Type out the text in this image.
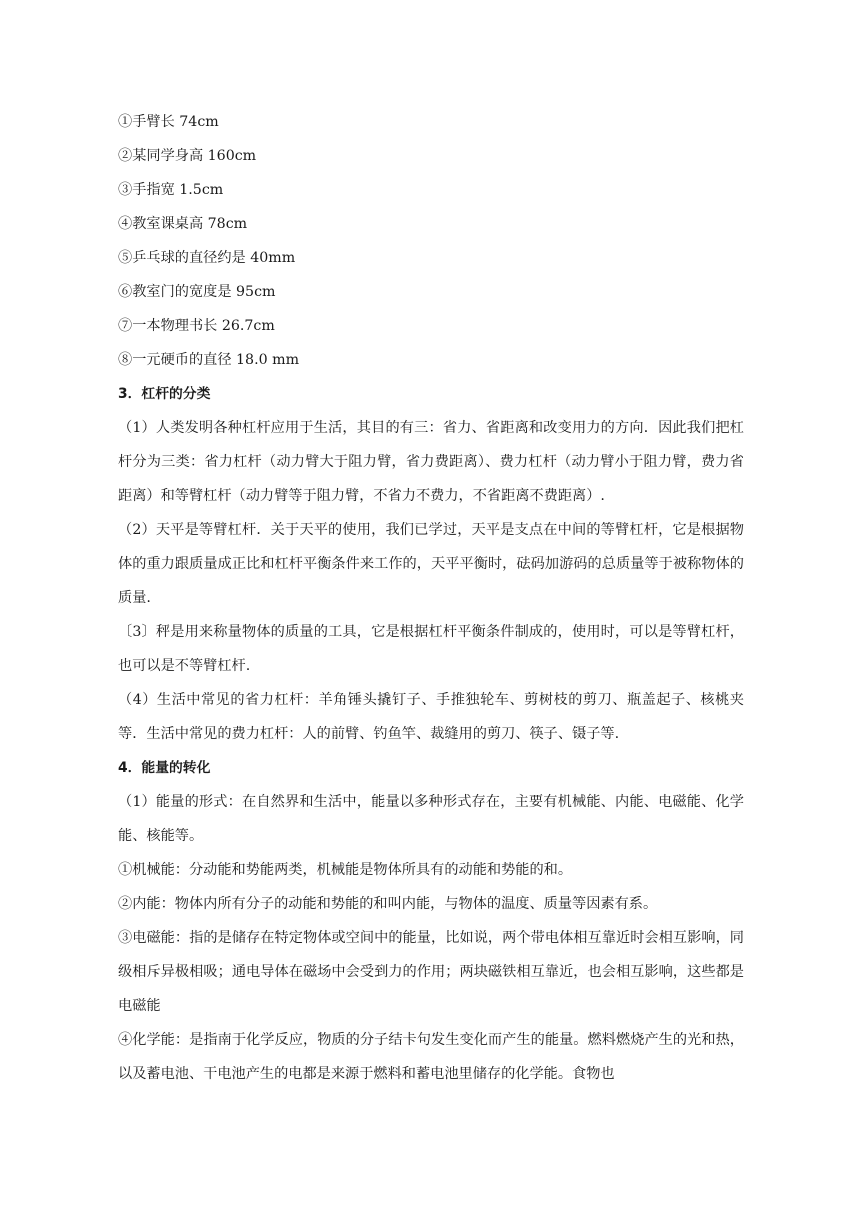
①手臂长 74cm

②某同学身高 160cm

③手指宽 1.5cm

④教室课桌高 78cm

⑤乒乓球的直径约是 40mm

⑥教室门的宽度是 95cm

⑦一本物理书长 26.7cm

⑧一元硬币的直径 18.0 mm

3．杠杆的分类

（1）人类发明各种杠杆应用于生活，其目的有三：省力、省距离和改变用力的方向．因此我们把杠杆分为三类：省力杠杆（动力臂大于阻力臂，省力费距离）、费力杠杆（动力臂小于阻力臂，费力省距离）和等臂杠杆（动力臂等于阻力臂，不省力不费力，不省距离不费距离）.

（2）天平是等臂杠杆．关于天平的使用，我们已学过，天平是支点在中间的等臂杠杆，它是根据物体的重力跟质量成正比和杠杆平衡条件来工作的，天平平衡时，砝码加游码的总质量等于被称物体的质量.

〔3〕秤是用来称量物体的质量的工具，它是根据杠杆平衡条件制成的，使用时，可以是等臂杠杆，也可以是不等臂杠杆.

（4）生活中常见的省力杠杆：羊角锤头撬钉子、手推独轮车、剪树枝的剪刀、瓶盖起子、核桃夹等．生活中常见的费力杠杆：人的前臂、钓鱼竿、裁缝用的剪刀、筷子、镊子等.

4．能量的转化

（1）能量的形式：在自然界和生活中，能量以多种形式存在，主要有机械能、内能、电磁能、化学能、核能等。

①机械能：分动能和势能两类，机械能是物体所具有的动能和势能的和。

②内能：物体内所有分子的动能和势能的和叫内能，与物体的温度、质量等因素有系。

③电磁能：指的是储存在特定物体或空间中的能量，比如说，两个带电体相互靠近时会相互影响，同级相斥异极相吸；通电导体在磁场中会受到力的作用；两块磁铁相互靠近，也会相互影响，这些都是电磁能

④化学能：是指南于化学反应，物质的分子结卡句发生变化而产生的能量。燃料燃烧产生的光和热，以及蓄电池、干电池产生的电都是来源于燃料和蓄电池里储存的化学能。食物也
